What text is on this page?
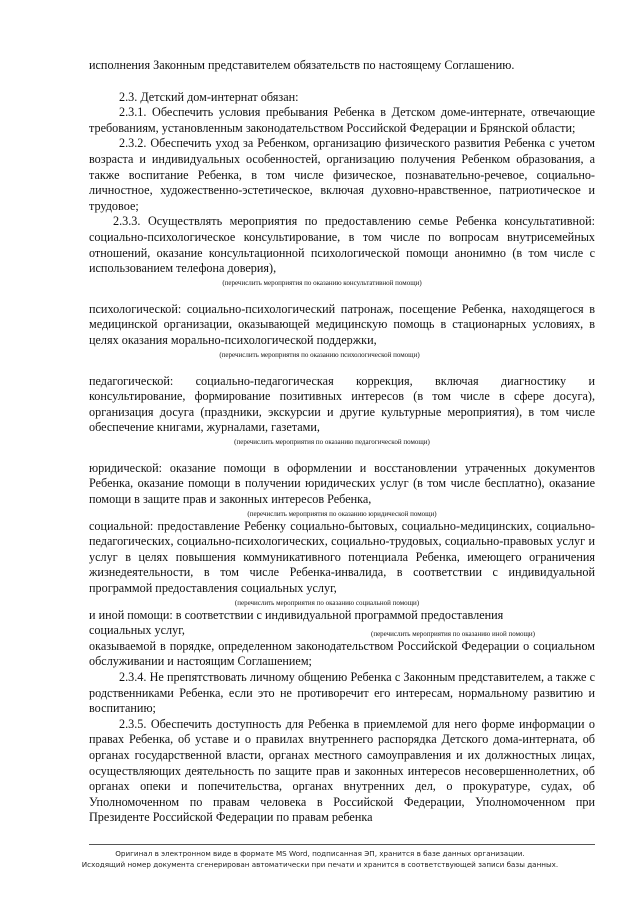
исполнения Законным представителем обязательств по настоящему Соглашению.

2.3. Детский дом-интернат обязан:

2.3.1. Обеспечить условия пребывания Ребенка в Детском доме-интернате, отвечающие требованиям, установленным законодательством Российской Федерации и Брянской области;

2.3.2. Обеспечить уход за Ребенком, организацию физического развития Ребенка с учетом возраста и индивидуальных особенностей, организацию получения Ребенком образования, а также воспитание Ребенка, в том числе физическое, познавательно-речевое, социально-личностное, художественно-эстетическое, включая духовно-нравственное, патриотическое и трудовое;

2.3.3. Осуществлять мероприятия по предоставлению семье Ребенка консультативной: социально-психологическое консультирование, в том числе по вопросам внутрисемейных отношений, оказание консультационной психологической помощи анонимно (в том числе с использованием телефона доверия),

(перечислить мероприятия по оказанию консультативной помощи)

психологической: социально-психологический патронаж, посещение Ребенка, находящегося в медицинской организации, оказывающей медицинскую помощь в стационарных условиях, в целях оказания морально-психологической поддержки,

(перечислить мероприятия по оказанию психологической помощи)

педагогической: социально-педагогическая коррекция, включая диагностику и консультирование, формирование позитивных интересов (в том числе в сфере досуга), организация досуга (праздники, экскурсии и другие культурные мероприятия), в том числе обеспечение книгами, журналами, газетами,

(перечислить мероприятия по оказанию педагогической помощи)

юридической: оказание помощи в оформлении и восстановлении утраченных документов Ребенка, оказание помощи в получении юридических услуг (в том числе бесплатно), оказание помощи в защите прав и законных интересов Ребенка,

(перечислить мероприятия по оказанию юридической помощи)

социальной: предоставление Ребенку социально-бытовых, социально-медицинских, социально-педагогических, социально-психологических, социально-трудовых, социально-правовых услуг и услуг в целях повышения коммуникативного потенциала Ребенка, имеющего ограничения жизнедеятельности, в том числе Ребенка-инвалида, в соответствии с индивидуальной программой предоставления социальных услуг,

(перечислить мероприятия по оказанию социальной помощи)

и иной помощи: в соответствии с индивидуальной программой предоставления

социальных услуг,	(перечислить мероприятия по оказанию иной помощи)

оказываемой в порядке, определенном законодательством Российской Федерации о социальном обслуживании и настоящим Соглашением;

2.3.4. Не препятствовать личному общению Ребенка с Законным представителем, а также с родственниками Ребенка, если это не противоречит его интересам, нормальному развитию и воспитанию;

2.3.5. Обеспечить доступность для Ребенка в приемлемой для него форме информации о правах Ребенка, об уставе и о правилах внутреннего распорядка Детского дома-интерната, об органах государственной власти, органах местного самоуправления и их должностных лицах, осуществляющих деятельность по защите прав и законных интересов несовершеннолетних, об органах опеки и попечительства, органах внутренних дел, о прокуратуре, судах, об Уполномоченном по правам человека в Российской Федерации, Уполномоченном при Президенте Российской Федерации по правам ребенка

Оригинал в электронном виде в формате MS Word, подписанная ЭП, хранится в базе данных организации.
Исходящий номер документа сгенерирован автоматически при печати и хранится в соответствующей записи базы данных.
